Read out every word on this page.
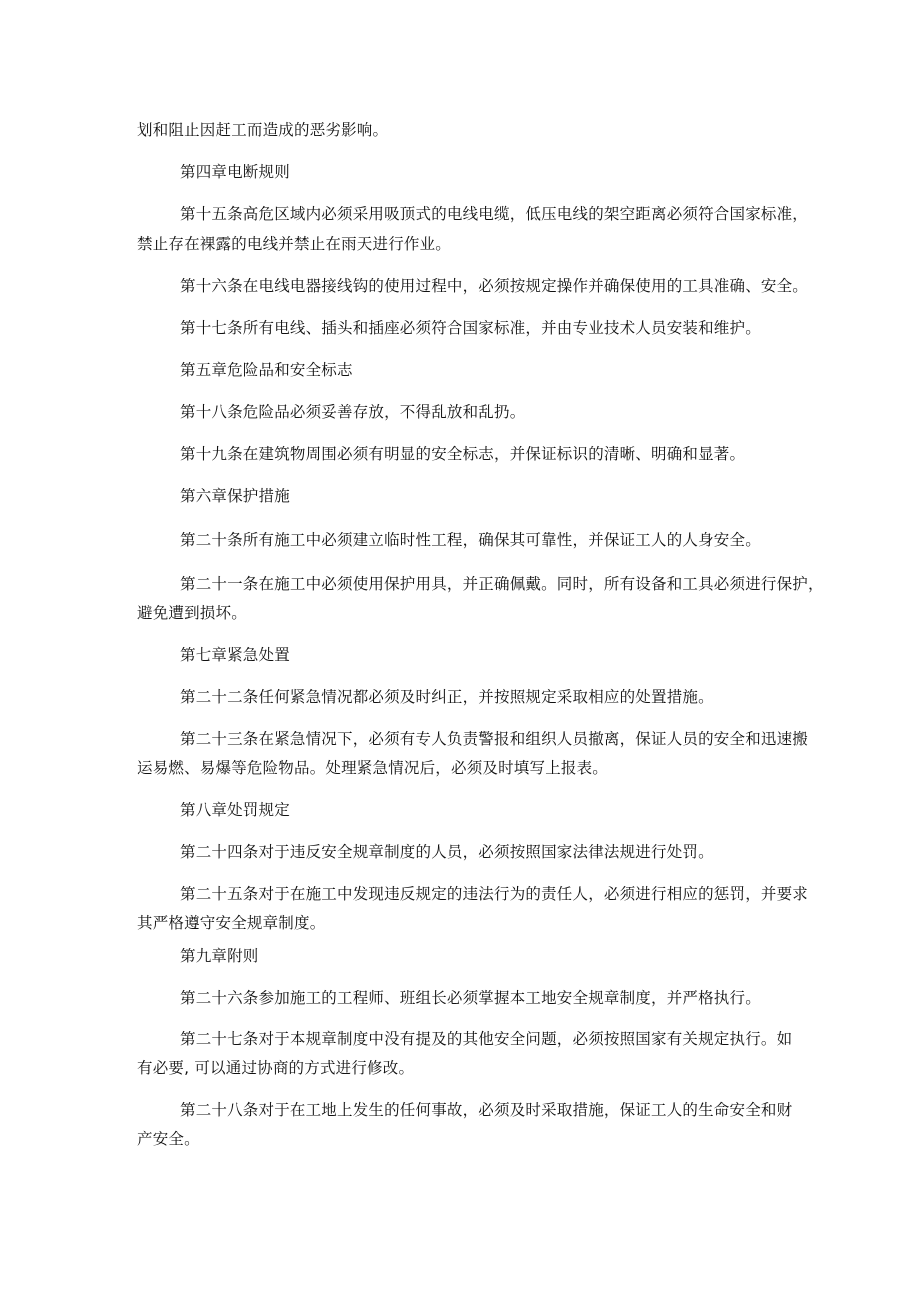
划和阻止因赶工而造成的恶劣影响。
第四章电断规则
第十五条高危区域内必须采用吸顶式的电线电缆，低压电线的架空距离必须符合国家标准，
禁止存在裸露的电线并禁止在雨天进行作业。
第十六条在电线电器接线钩的使用过程中，必须按规定操作并确保使用的工具准确、安全。
第十七条所有电线、插头和插座必须符合国家标准，并由专业技术人员安装和维护。
第五章危险品和安全标志
第十八条危险品必须妥善存放，不得乱放和乱扔。
第十九条在建筑物周围必须有明显的安全标志，并保证标识的清晰、明确和显著。
第六章保护措施
第二十条所有施工中必须建立临时性工程，确保其可靠性，并保证工人的人身安全。
第二十一条在施工中必须使用保护用具，并正确佩戴。同时，所有设备和工具必须进行保护，
避免遭到损坏。
第七章紧急处置
第二十二条任何紧急情况都必须及时纠正，并按照规定采取相应的处置措施。
第二十三条在紧急情况下，必须有专人负责警报和组织人员撤离，保证人员的安全和迅速搬
运易燃、易爆等危险物品。处理紧急情况后，必须及时填写上报表。
第八章处罚规定
第二十四条对于违反安全规章制度的人员，必须按照国家法律法规进行处罚。
第二十五条对于在施工中发现违反规定的违法行为的责任人，必须进行相应的惩罚，并要求
其严格遵守安全规章制度。
第九章附则
第二十六条参加施工的工程师、班组长必须掌握本工地安全规章制度，并严格执行。
第二十七条对于本规章制度中没有提及的其他安全问题，必须按照国家有关规定执行。如
有必要, 可以通过协商的方式进行修改。
第二十八条对于在工地上发生的任何事故，必须及时采取措施，保证工人的生命安全和财
产安全。
